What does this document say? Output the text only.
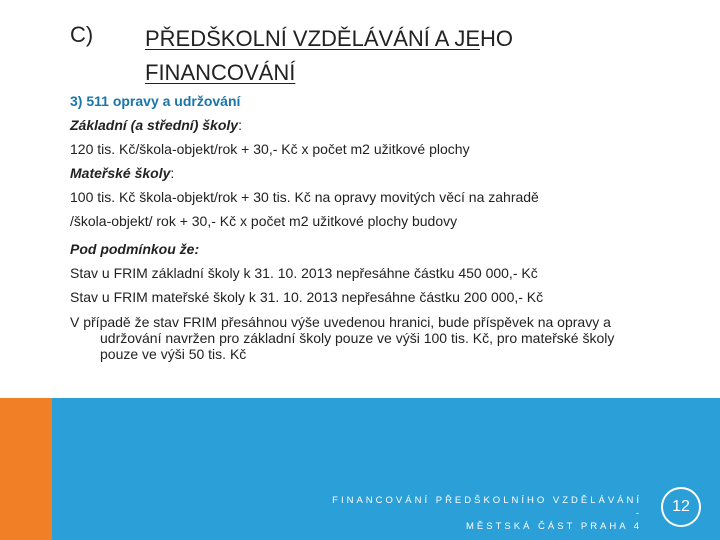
C) PŘEDŠKOLNÍ VZDĚLÁVÁNÍ A JEHO
FINANCOVÁNÍ
3) 511 opravy a udržování
Základní (a střední) školy:
120 tis. Kč/škola-objekt/rok + 30,- Kč x počet m2 užitkové plochy
Mateřské školy:
100 tis. Kč škola-objekt/rok + 30 tis. Kč na opravy movitých věcí na zahradě
/škola-objekt/ rok + 30,- Kč x počet m2 užitkové plochy budovy
Pod podmínkou že:
Stav u FRIM základní školy k 31. 10. 2013 nepřesáhne částku 450 000,- Kč
Stav u FRIM mateřské školy k 31. 10. 2013 nepřesáhne částku 200 000,- Kč
V případě že stav FRIM přesáhnou výše uvedenou hranici, bude příspěvek na opravy a udržování navržen pro základní školy pouze ve výši 100 tis. Kč, pro mateřské školy pouze ve výši 50 tis. Kč
FINANCOVÁNÍ PŘEDŠKOLNÍHO VZDĚLÁVÁNÍ -
MĚSTSKÁ ČÁST PRAHA 4
12
